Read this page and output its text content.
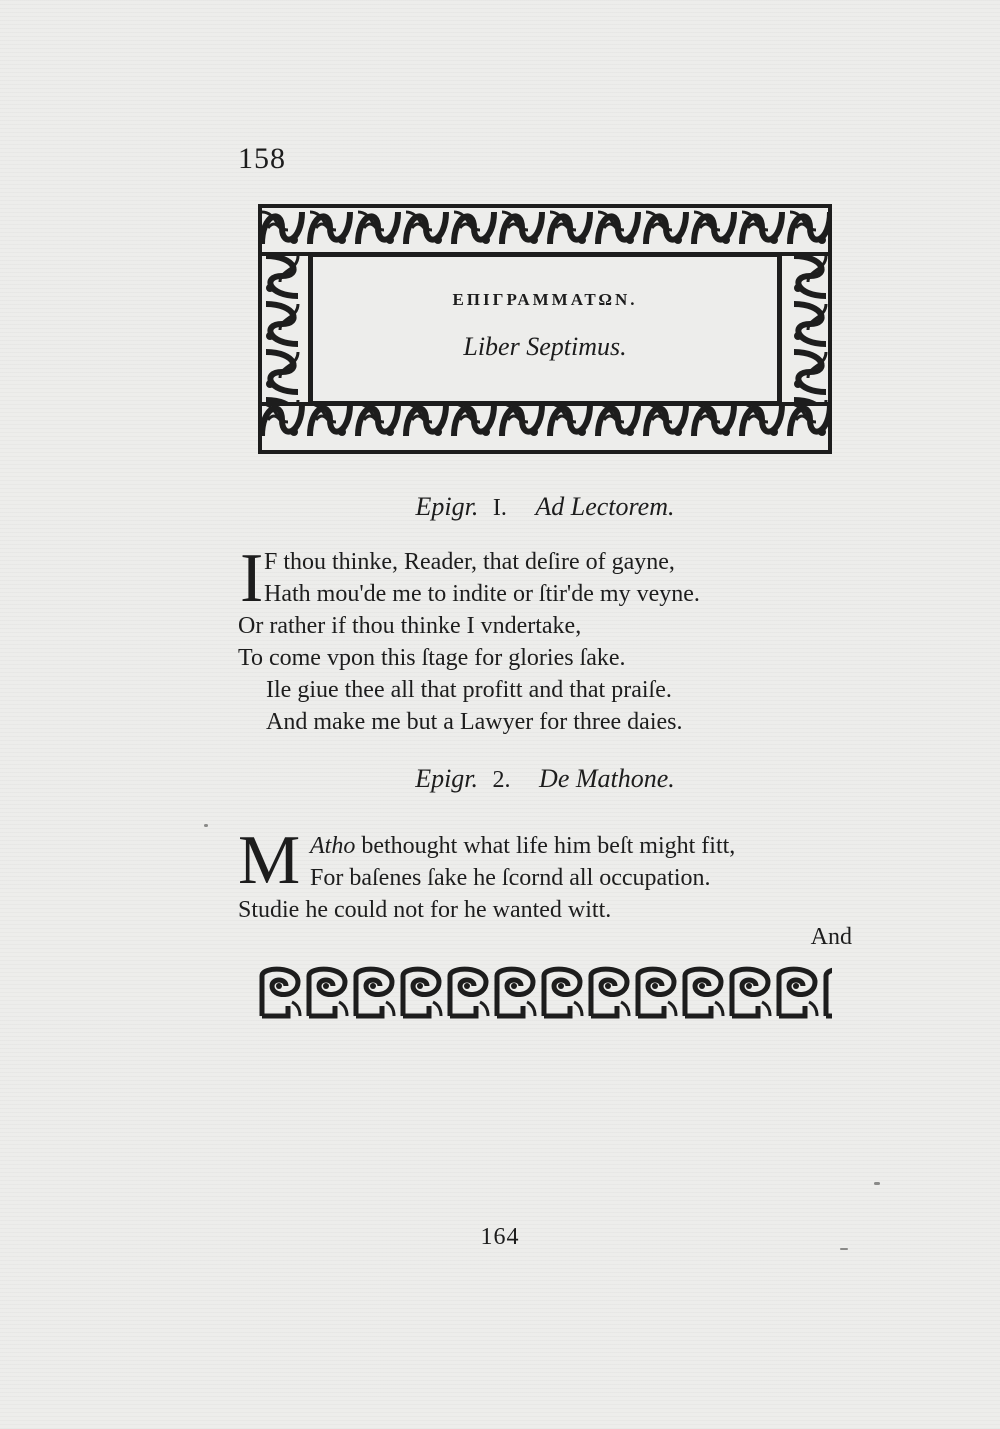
158
ΕΠΙΓΡΑΜΜΑΤΩΝ.
Liber Septimus.
Epigr. I. Ad Lectorem.
I F thou thinke, Reader, that deſire of gayne,
Hath mou'de me to indite or ſtir'de my veyne.
Or rather if thou thinke I vndertake,
To come vpon this ſtage for glories ſake.
Ile giue thee all that profitt and that praiſe.
And make me but a Lawyer for three daies.
Epigr. 2. De Mathone.
M Atho bethought what life him beſt might fitt,
For baſenes ſake he ſcornd all occupation.
Studie he could not for he wanted witt.
And
164
